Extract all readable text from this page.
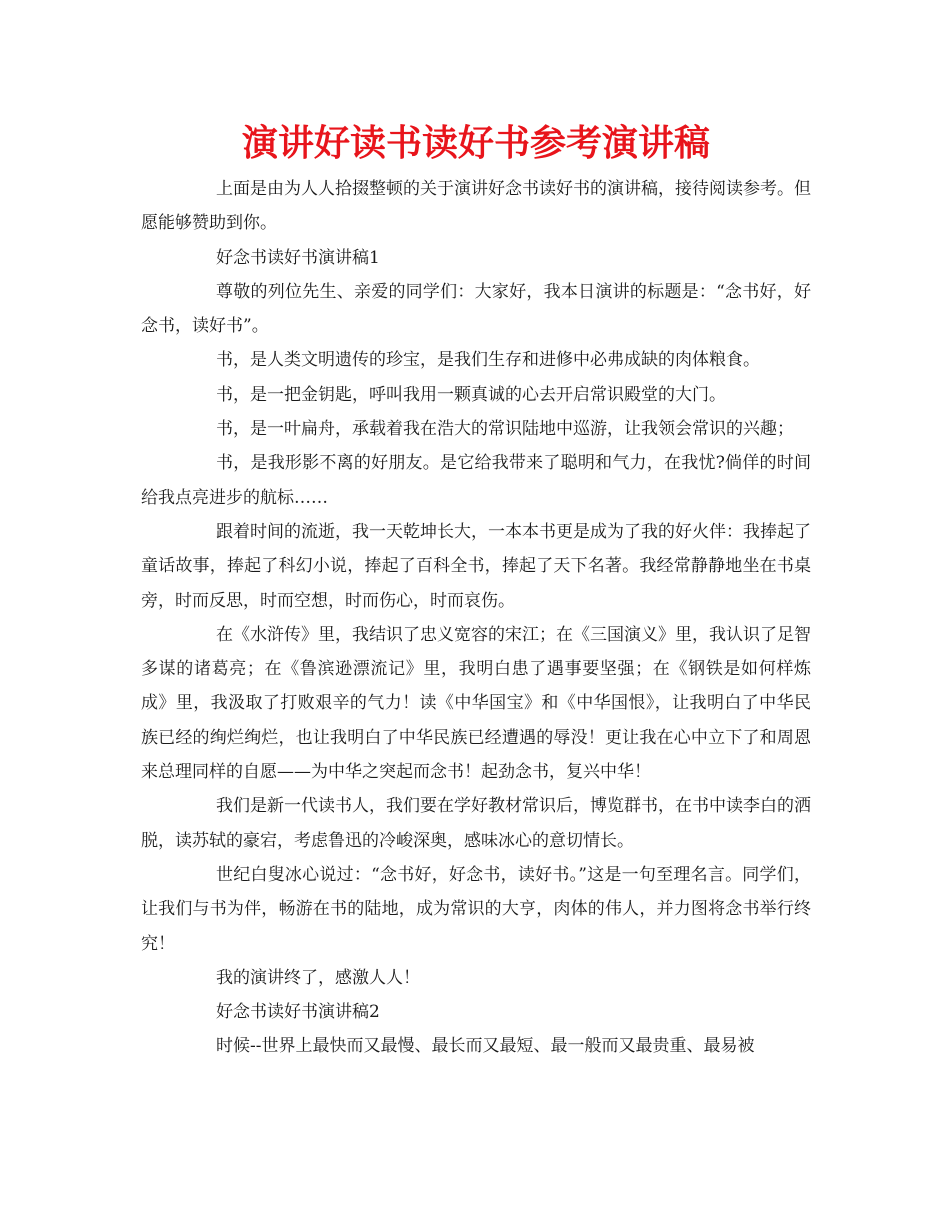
演讲好读书读好书参考演讲稿

上面是由为人人拾掇整顿的关于演讲好念书读好书的演讲稿，接待阅读参考。但愿能够赞助到你。

好念书读好书演讲稿1

尊敬的列位先生、亲爱的同学们：大家好，我本日演讲的标题是：“念书好，好念书，读好书”。

书，是人类文明遗传的珍宝，是我们生存和进修中必弗成缺的肉体粮食。

书，是一把金钥匙，呼叫我用一颗真诚的心去开启常识殿堂的大门。

书，是一叶扁舟，承载着我在浩大的常识陆地中巡游，让我领会常识的兴趣；

书，是我形影不离的好朋友。是它给我带来了聪明和气力，在我忧?倘佯的时间给我点亮进步的航标……

跟着时间的流逝，我一天乾坤长大，一本本书更是成为了我的好火伴：我捧起了童话故事，捧起了科幻小说，捧起了百科全书，捧起了天下名著。我经常静静地坐在书桌旁，时而反思，时而空想，时而伤心，时而哀伤。

在《水浒传》里，我结识了忠义宽容的宋江；在《三国演义》里，我认识了足智多谋的诸葛亮；在《鲁滨逊漂流记》里，我明白患了遇事要坚强；在《钢铁是如何样炼成》里，我汲取了打败艰辛的气力！读《中华国宝》和《中华国恨》，让我明白了中华民族已经的绚烂绚烂，也让我明白了中华民族已经遭遇的辱没！更让我在心中立下了和周恩来总理同样的自愿——为中华之突起而念书！起劲念书，复兴中华！

我们是新一代读书人，我们要在学好教材常识后，博览群书，在书中读李白的洒脱，读苏轼的豪宕，考虑鲁迅的冷峻深奥，感味冰心的意切情长。

世纪白叟冰心说过：“念书好，好念书，读好书。”这是一句至理名言。同学们，让我们与书为伴，畅游在书的陆地，成为常识的大亨，肉体的伟人，并力图将念书举行终究！

我的演讲终了，感激人人！

好念书读好书演讲稿2

时候--世界上最快而又最慢、最长而又最短、最一般而又最贵重、最易被
